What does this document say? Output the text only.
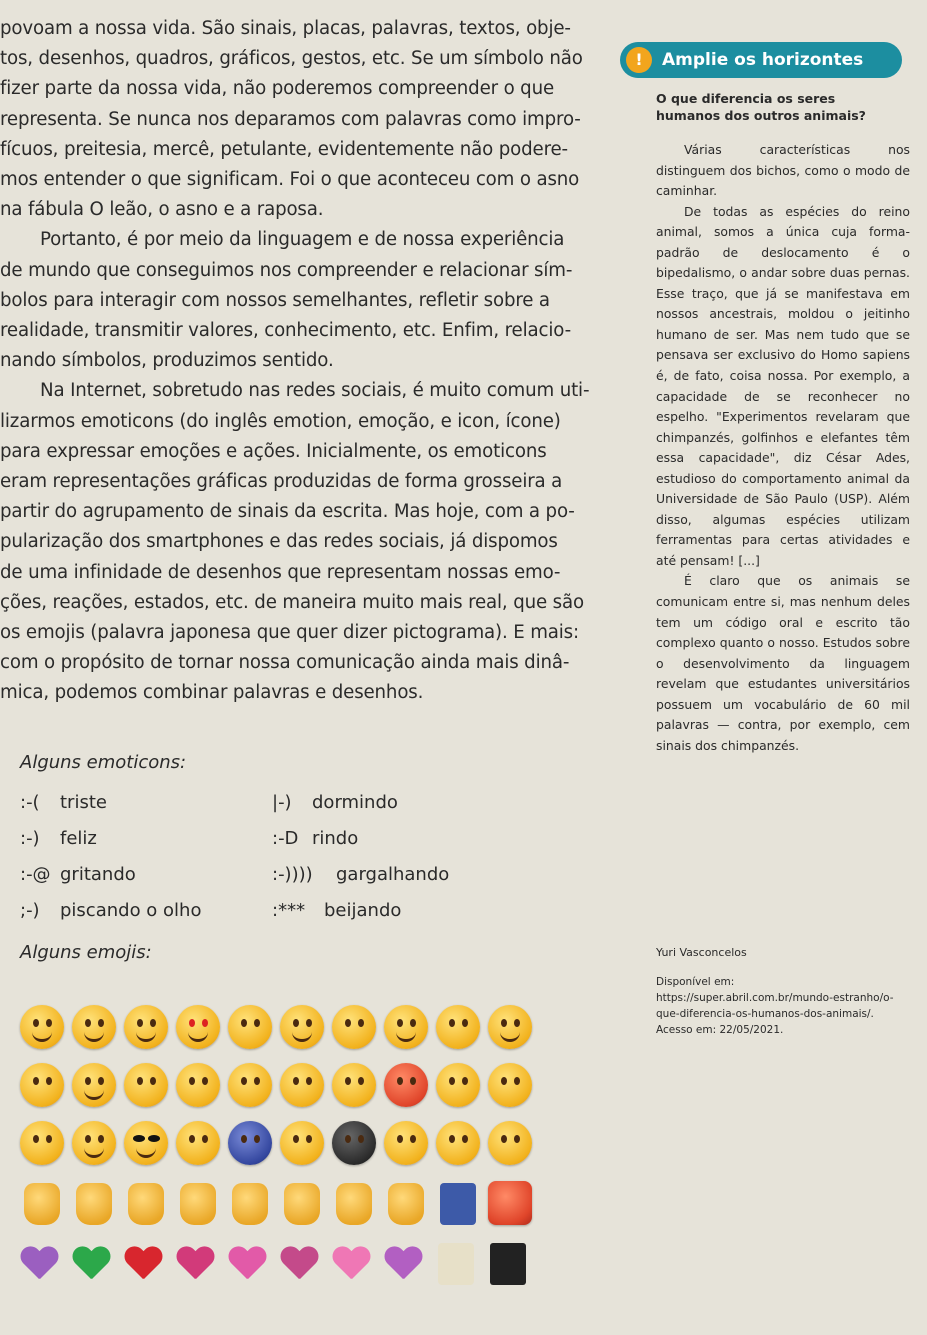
povoam a nossa vida. São sinais, placas, palavras, textos, obje-
tos, desenhos, quadros, gráficos, gestos, etc. Se um símbolo não
fizer parte da nossa vida, não poderemos compreender o que
representa. Se nunca nos deparamos com palavras como impro-
fícuos, preitesia, mercê, petulante, evidentemente não podere-
mos entender o que significam. Foi o que aconteceu com o asno
na fábula O leão, o asno e a raposa.

Portanto, é por meio da linguagem e de nossa experiência
de mundo que conseguimos nos compreender e relacionar sím-
bolos para interagir com nossos semelhantes, refletir sobre a
realidade, transmitir valores, conhecimento, etc. Enfim, relacio-
nando símbolos, produzimos sentido.

Na Internet, sobretudo nas redes sociais, é muito comum uti-
lizarmos emoticons (do inglês emotion, emoção, e icon, ícone)
para expressar emoções e ações. Inicialmente, os emoticons
eram representações gráficas produzidas de forma grosseira a
partir do agrupamento de sinais da escrita. Mas hoje, com a po-
pularização dos smartphones e das redes sociais, já dispomos
de uma infinidade de desenhos que representam nossas emo-
ções, reações, estados, etc. de maneira muito mais real, que são
os emojis (palavra japonesa que quer dizer pictograma). E mais:
com o propósito de tornar nossa comunicação ainda mais dinâ-
mica, podemos combinar palavras e desenhos.

Alguns emoticons:
:-( triste	|-) dormindo
:-) feliz	:-D rindo
:-@ gritando	:-)))) gargalhando
;-) piscando o olho	:*** beijando
Alguns emojis:
!	Amplie os horizontes
O que diferencia os seres humanos dos outros animais?

Várias características nos distinguem dos bichos, como o modo de caminhar.

De todas as espécies do reino animal, somos a única cuja forma-padrão de deslocamento é o bipedalismo, o andar sobre duas pernas. Esse traço, que já se manifestava em nossos ancestrais, moldou o jeitinho humano de ser. Mas nem tudo que se pensava ser exclusivo do Homo sapiens é, de fato, coisa nossa. Por exemplo, a capacidade de se reconhecer no espelho. "Experimentos revelaram que chimpanzés, golfinhos e elefantes têm essa capacidade", diz César Ades, estudioso do comportamento animal da Universidade de São Paulo (USP). Além disso, algumas espécies utilizam ferramentas para certas atividades e até pensam! [...]

É claro que os animais se comunicam entre si, mas nenhum deles tem um código oral e escrito tão complexo quanto o nosso. Estudos sobre o desenvolvimento da linguagem revelam que estudantes universitários possuem um vocabulário de 60 mil palavras — contra, por exemplo, cem sinais dos chimpanzés.

Yuri Vasconcelos
Disponível em: https://super.abril.com.br/mundo-estranho/o-que-diferencia-os-humanos-dos-animais/. Acesso em: 22/05/2021.
